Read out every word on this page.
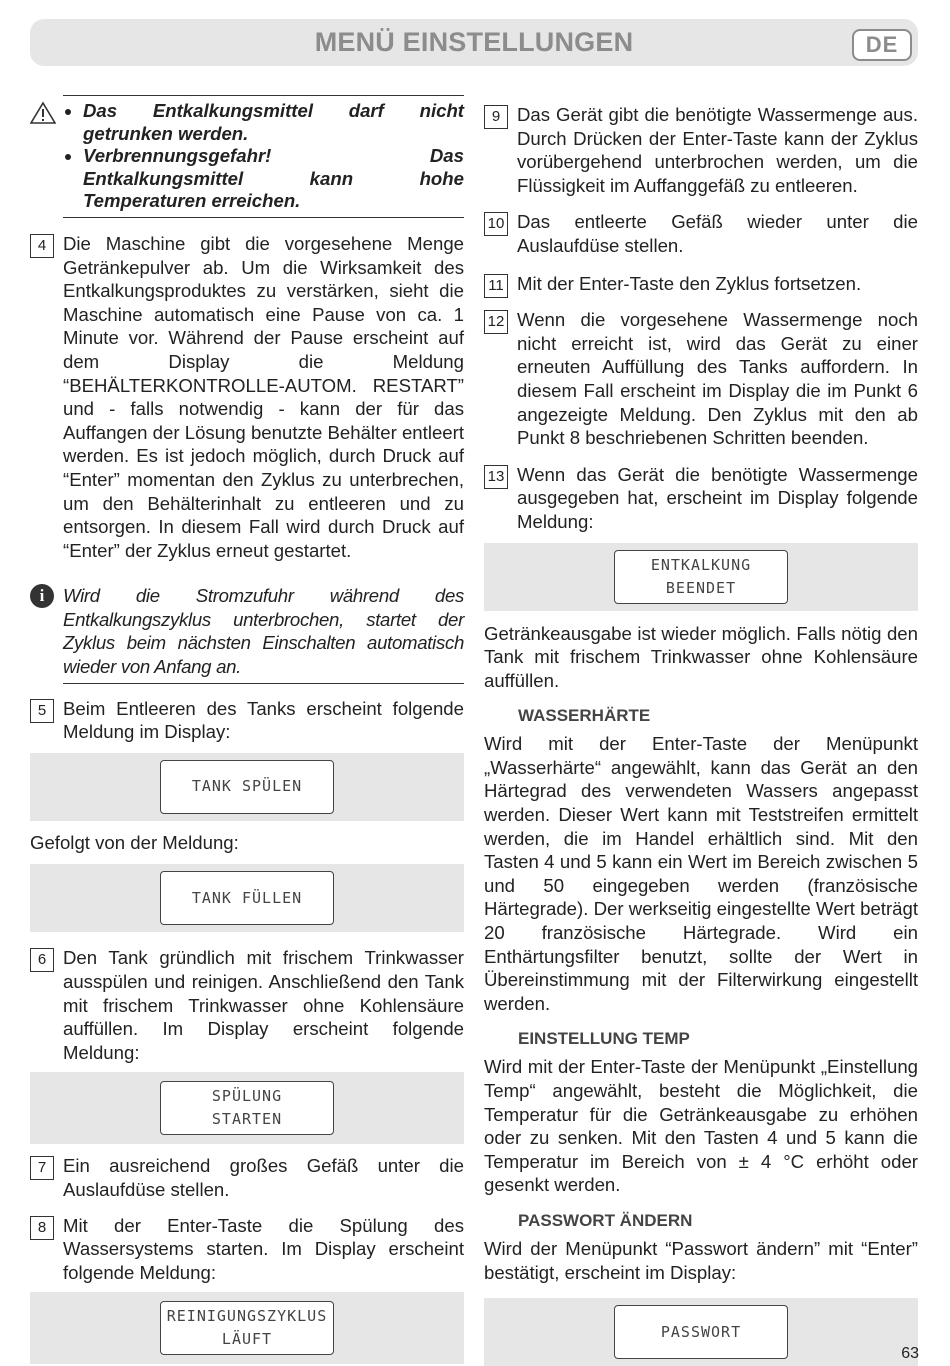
MENÜ EINSTELLUNGEN	DE
• Das Entkalkungsmittel darf nicht getrunken werden.
• Verbrennungsgefahr! Das Entkalkungsmittel kann hohe Temperaturen erreichen.
4 Die Maschine gibt die vorgesehene Menge Getränkepulver ab. Um die Wirksamkeit des Entkalkungsproduktes zu verstärken, sieht die Maschine automatisch eine Pause von ca. 1 Minute vor. Während der Pause erscheint auf dem Display die Meldung “BEHÄLTERKONTROLLE-AUTOM. RESTART” und - falls notwendig - kann der für das Auffangen der Lösung benutzte Behälter entleert werden. Es ist jedoch möglich, durch Druck auf “Enter” momentan den Zyklus zu unterbrechen, um den Behälterinhalt zu entleeren und zu entsorgen. In diesem Fall wird durch Druck auf “Enter” der Zyklus erneut gestartet.

i	Wird die Stromzufuhr während des Entkalkungszyklus unterbrochen, startet der Zyklus beim nächsten Einschalten automatisch wieder von Anfang an.

5 Beim Entleeren des Tanks erscheint folgende Meldung im Display:

TANK SPÜLEN

Gefolgt von der Meldung:

TANK FÜLLEN
6 Den Tank gründlich mit frischem Trinkwasser ausspülen und reinigen. Anschließend den Tank mit frischem Trinkwasser ohne Kohlensäure auffüllen. Im Display erscheint folgende Meldung:

SPÜLUNG
STARTEN
7 Ein ausreichend großes Gefäß unter die Auslaufdüse stellen.

8 Mit der Enter-Taste die Spülung des Wassersystems starten. Im Display erscheint folgende Meldung:

REINIGUNGSZYKLUS
LÄUFT
9 Das Gerät gibt die benötigte Wassermenge aus. Durch Drücken der Enter-Taste kann der Zyklus vorübergehend unterbrochen werden, um die Flüssigkeit im Auffanggefäß zu entleeren.

10 Das entleerte Gefäß wieder unter die Auslaufdüse stellen.

11 Mit der Enter-Taste den Zyklus fortsetzen.

12 Wenn die vorgesehene Wassermenge noch nicht erreicht ist, wird das Gerät zu einer erneuten Auffüllung des Tanks auffordern. In diesem Fall erscheint im Display die im Punkt 6 angezeigte Meldung. Den Zyklus mit den ab Punkt 8 beschriebenen Schritten beenden.

13 Wenn das Gerät die benötigte Wassermenge ausgegeben hat, erscheint im Display folgende Meldung:

ENTKALKUNG
BEENDET

Getränkeausgabe ist wieder möglich. Falls nötig den Tank mit frischem Trinkwasser ohne Kohlensäure auffüllen.

WASSERHÄRTE

Wird mit der Enter-Taste der Menüpunkt „Wasserhärte“ angewählt, kann das Gerät an den Härtegrad des verwendeten Wassers angepasst werden. Dieser Wert kann mit Teststreifen ermittelt werden, die im Handel erhältlich sind. Mit den Tasten 4 und 5 kann ein Wert im Bereich zwischen 5 und 50 eingegeben werden (französische Härtegrade). Der werkseitig eingestellte Wert beträgt 20 französische Härtegrade. Wird ein Enthärtungsfilter benutzt, sollte der Wert in Übereinstimmung mit der Filterwirkung eingestellt werden.

EINSTELLUNG TEMP

Wird mit der Enter-Taste der Menüpunkt „Einstellung Temp“ angewählt, besteht die Möglichkeit, die Temperatur für die Getränkeausgabe zu erhöhen oder zu senken. Mit den Tasten 4 und 5 kann die Temperatur im Bereich von ± 4 °C erhöht oder gesenkt werden.

PASSWORT ÄNDERN

Wird der Menüpunkt “Passwort ändern” mit “Enter” bestätigt, erscheint im Display:

PASSWORT
63
